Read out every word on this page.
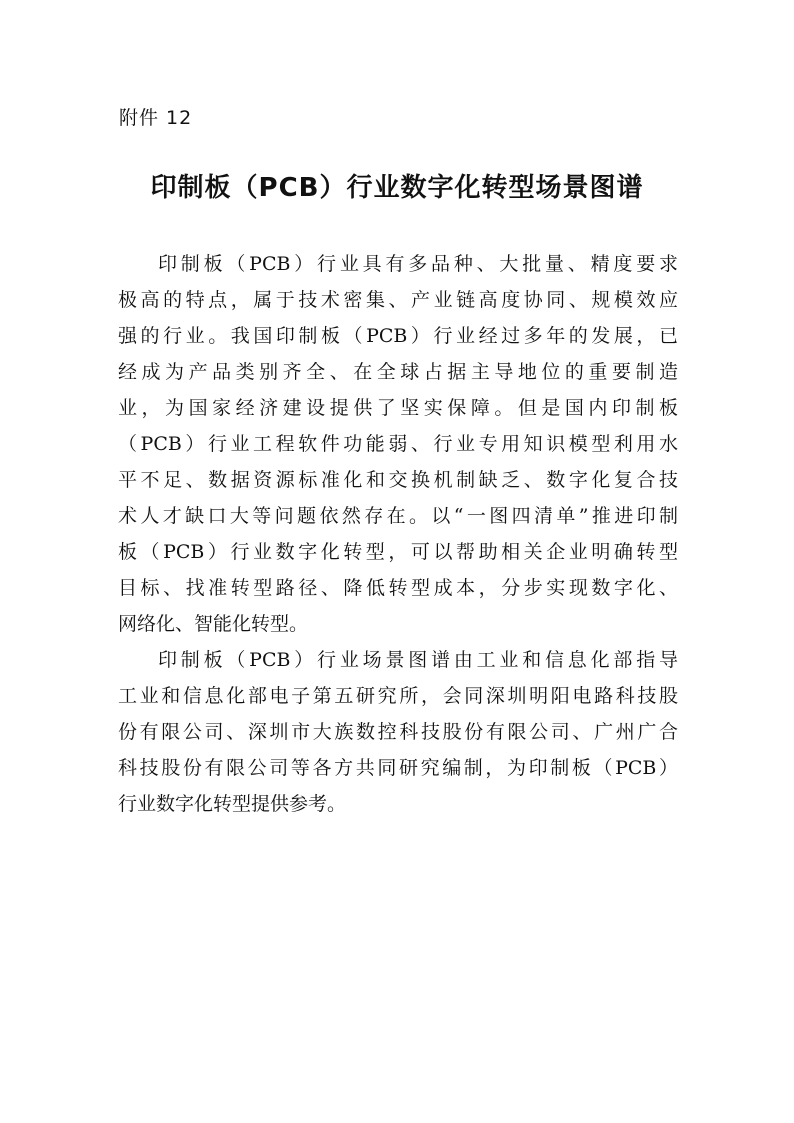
附件 12
印制板（PCB）行业数字化转型场景图谱
印制板（PCB）行业具有多品种、大批量、精度要求
极高的特点，属于技术密集、产业链高度协同、规模效应
强的行业。我国印制板（PCB）行业经过多年的发展，已
经成为产品类别齐全、在全球占据主导地位的重要制造
业，为国家经济建设提供了坚实保障。但是国内印制板
（PCB）行业工程软件功能弱、行业专用知识模型利用水
平不足、数据资源标准化和交换机制缺乏、数字化复合技
术人才缺口大等问题依然存在。以“一图四清单”推进印制
板（PCB）行业数字化转型，可以帮助相关企业明确转型
目标、找准转型路径、降低转型成本，分步实现数字化、
网络化、智能化转型。
印制板（PCB）行业场景图谱由工业和信息化部指导
工业和信息化部电子第五研究所，会同深圳明阳电路科技股
份有限公司、深圳市大族数控科技股份有限公司、广州广合
科技股份有限公司等各方共同研究编制，为印制板（PCB）
行业数字化转型提供参考。
